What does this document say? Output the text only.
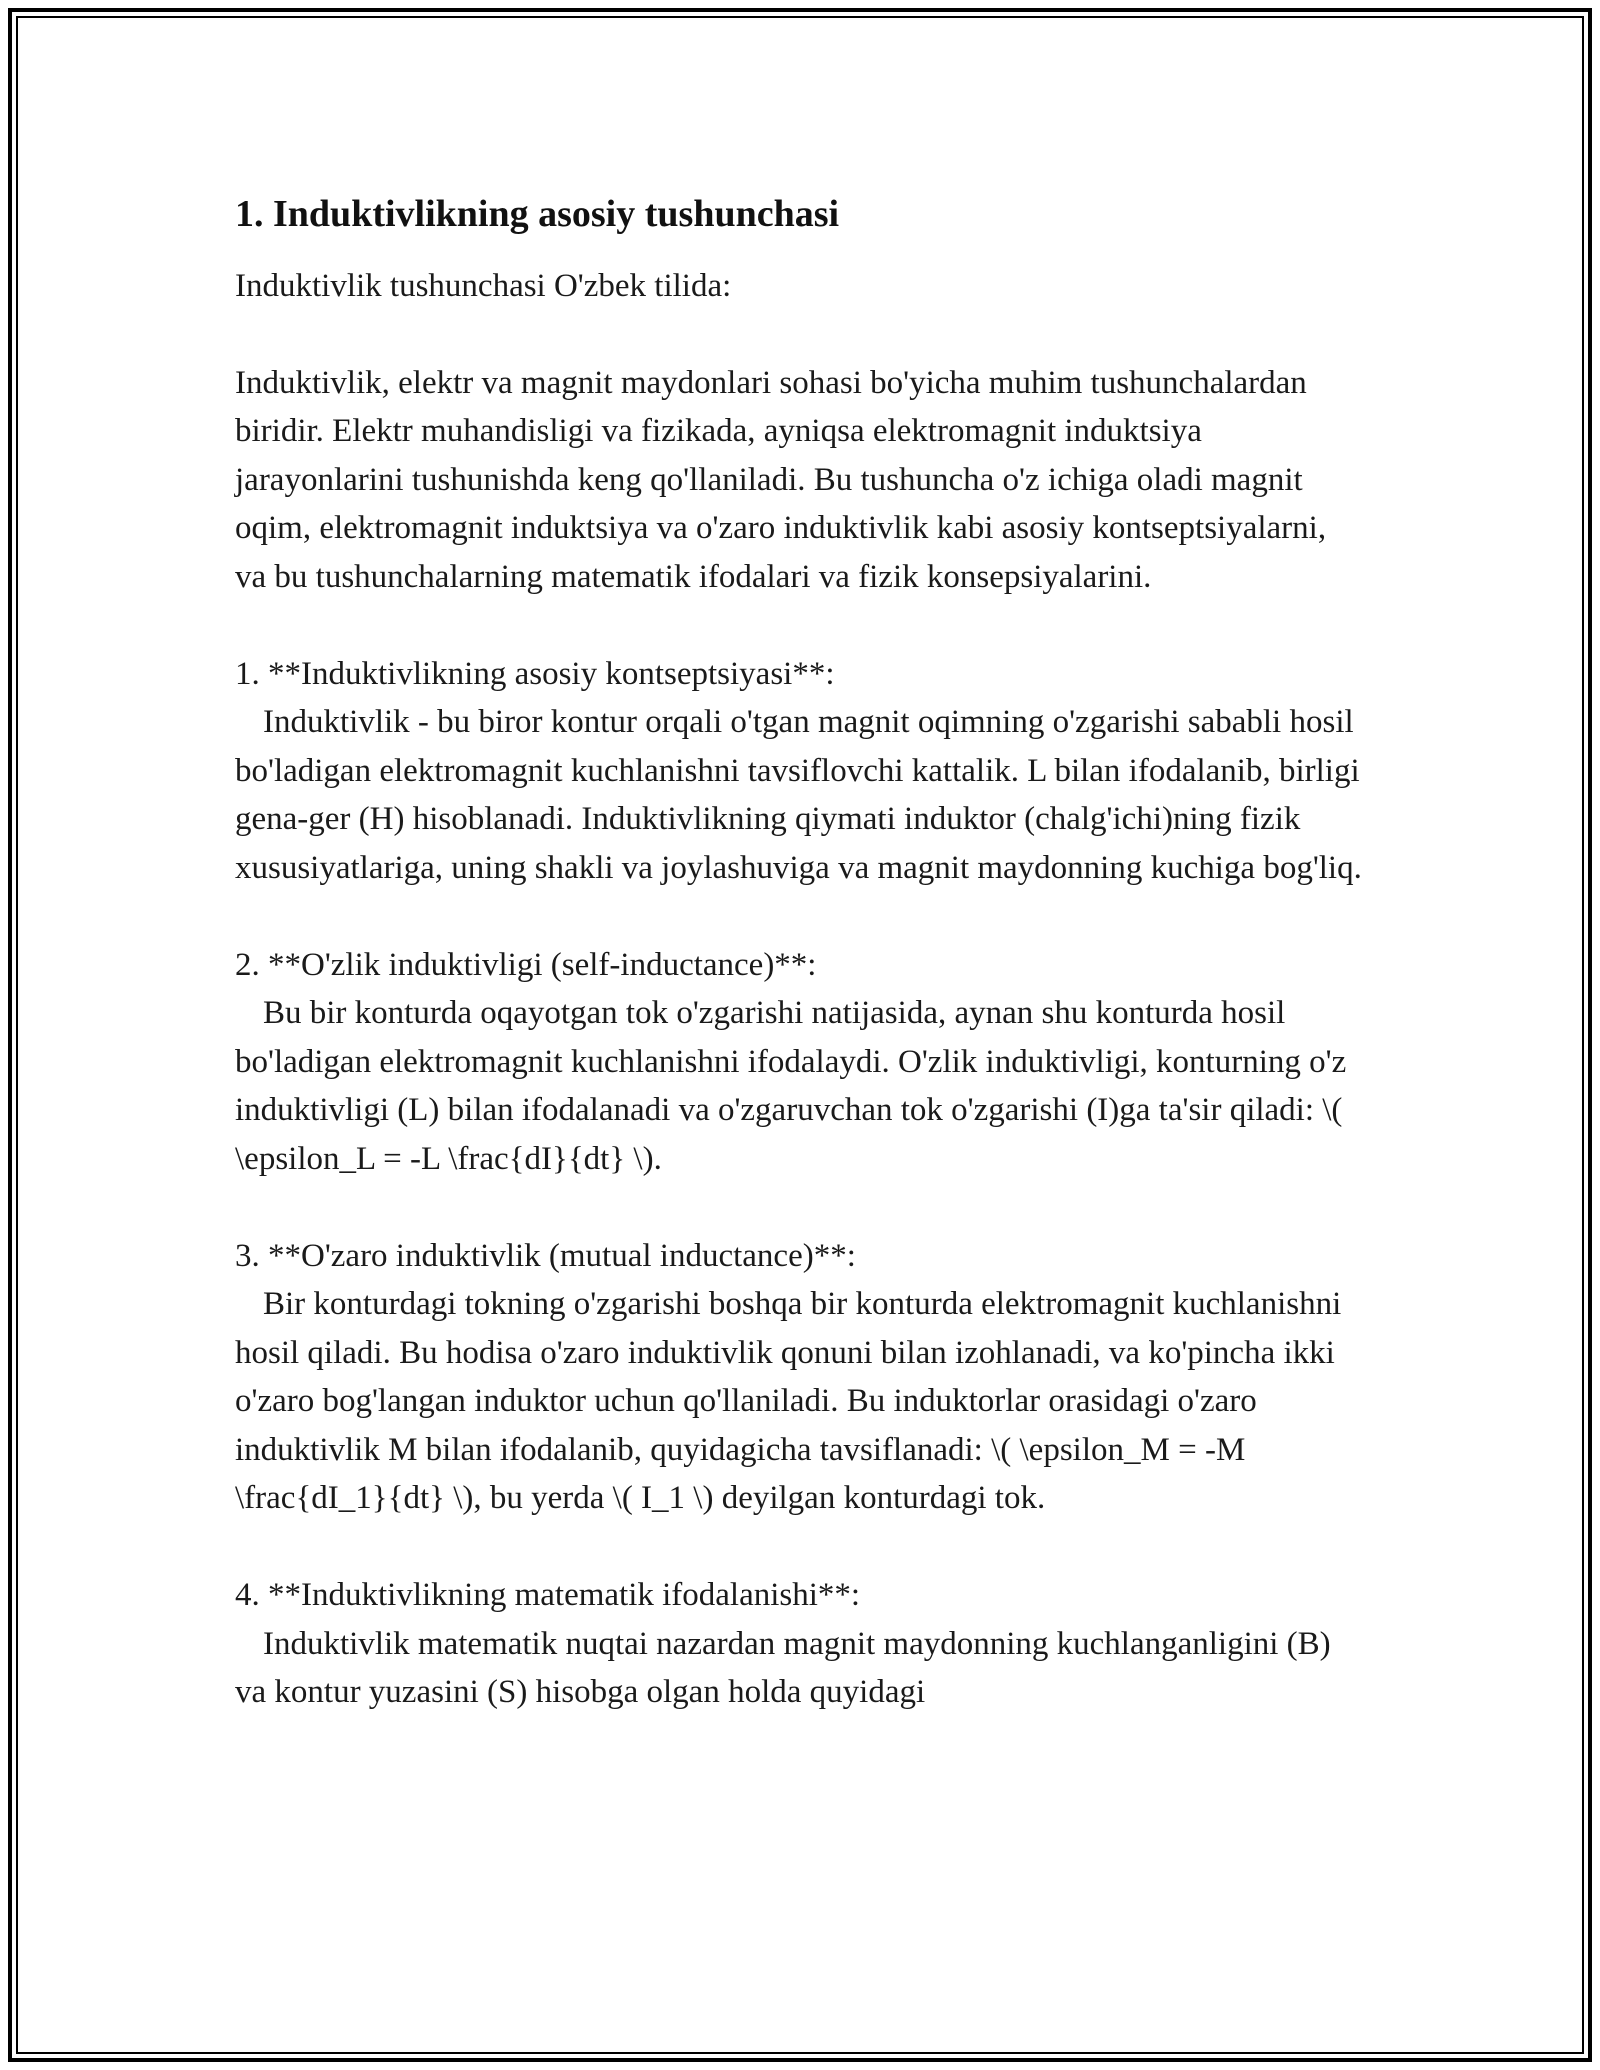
1. Induktivlikning asosiy tushunchasi

Induktivlik tushunchasi O'zbek tilida:

Induktivlik, elektr va magnit maydonlari sohasi bo'yicha muhim tushunchalardan biridir. Elektr muhandisligi va fizikada, ayniqsa elektromagnit induktsiya jarayonlarini tushunishda keng qo'llaniladi. Bu tushuncha o'z ichiga oladi magnit oqim, elektromagnit induktsiya va o'zaro induktivlik kabi asosiy kontseptsiyalarni, va bu tushunchalarning matematik ifodalari va fizik konsepsiyalarini.

1. **Induktivlikning asosiy kontseptsiyasi**:

Induktivlik - bu biror kontur orqali o'tgan magnit oqimning o'zgarishi sababli hosil bo'ladigan elektromagnit kuchlanishni tavsiflovchi kattalik. L bilan ifodalanib, birligi gena-ger (H) hisoblanadi. Induktivlikning qiymati induktor (chalg'ichi)ning fizik xususiyatlariga, uning shakli va joylashuviga va magnit maydonning kuchiga bog'liq.

2. **O'zlik induktivligi (self-inductance)**:

Bu bir konturda oqayotgan tok o'zgarishi natijasida, aynan shu konturda hosil bo'ladigan elektromagnit kuchlanishni ifodalaydi. O'zlik induktivligi, konturning o'z induktivligi (L) bilan ifodalanadi va o'zgaruvchan tok o'zgarishi (I)ga ta'sir qiladi: \( \epsilon_L = -L \frac{dI}{dt} \).

3. **O'zaro induktivlik (mutual inductance)**:

Bir konturdagi tokning o'zgarishi boshqa bir konturda elektromagnit kuchlanishni hosil qiladi. Bu hodisa o'zaro induktivlik qonuni bilan izohlanadi, va ko'pincha ikki o'zaro bog'langan induktor uchun qo'llaniladi. Bu induktorlar orasidagi o'zaro induktivlik M bilan ifodalanib, quyidagicha tavsiflanadi: \( \epsilon_M = -M \frac{dI_1}{dt} \), bu yerda \( I_1 \) deyilgan konturdagi tok.

4. **Induktivlikning matematik ifodalanishi**:

Induktivlik matematik nuqtai nazardan magnit maydonning kuchlanganligini (B) va kontur yuzasini (S) hisobga olgan holda quyidagi
